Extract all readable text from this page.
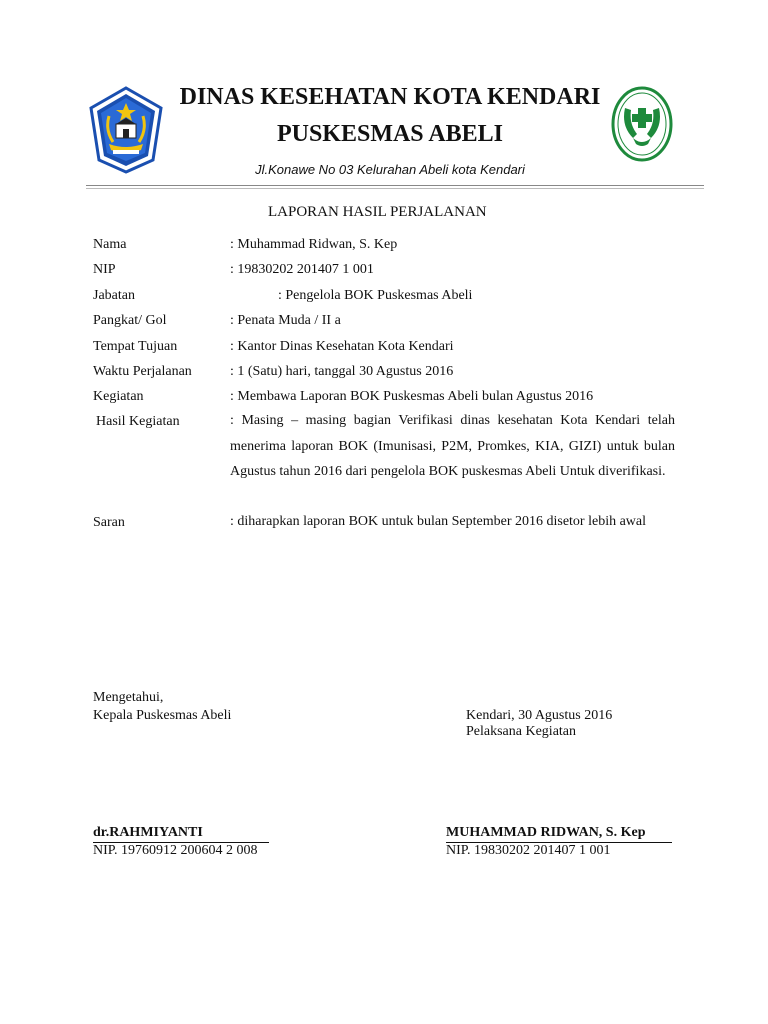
DINAS KESEHATAN KOTA KENDARI
PUSKESMAS ABELI
Jl.Konawe No 03 Kelurahan Abeli kota Kendari
LAPORAN HASIL PERJALANAN
Nama	: Muhammad Ridwan, S. Kep
NIP	: 19830202 201407 1 001
Jabatan	: Pengelola BOK Puskesmas Abeli
Pangkat/ Gol	: Penata Muda / II a
Tempat Tujuan	: Kantor Dinas Kesehatan Kota Kendari
Waktu Perjalanan	: 1 (Satu) hari, tanggal 30 Agustus 2016
Kegiatan	: Membawa Laporan BOK Puskesmas Abeli bulan Agustus 2016
Hasil Kegiatan	: Masing – masing bagian Verifikasi dinas kesehatan Kota Kendari telah menerima laporan BOK (Imunisasi, P2M, Promkes, KIA, GIZI) untuk bulan Agustus tahun 2016 dari pengelola BOK puskesmas Abeli Untuk diverifikasi.
Saran	: diharapkan laporan BOK untuk bulan September 2016 disetor lebih awal
Mengetahui,
Kepala Puskesmas Abeli	Kendari, 30 Agustus 2016
Pelaksana Kegiatan
dr.RAHMIYANTI
NIP. 19760912 200604 2 008
MUHAMMAD RIDWAN, S. Kep
NIP. 19830202 201407 1 001
